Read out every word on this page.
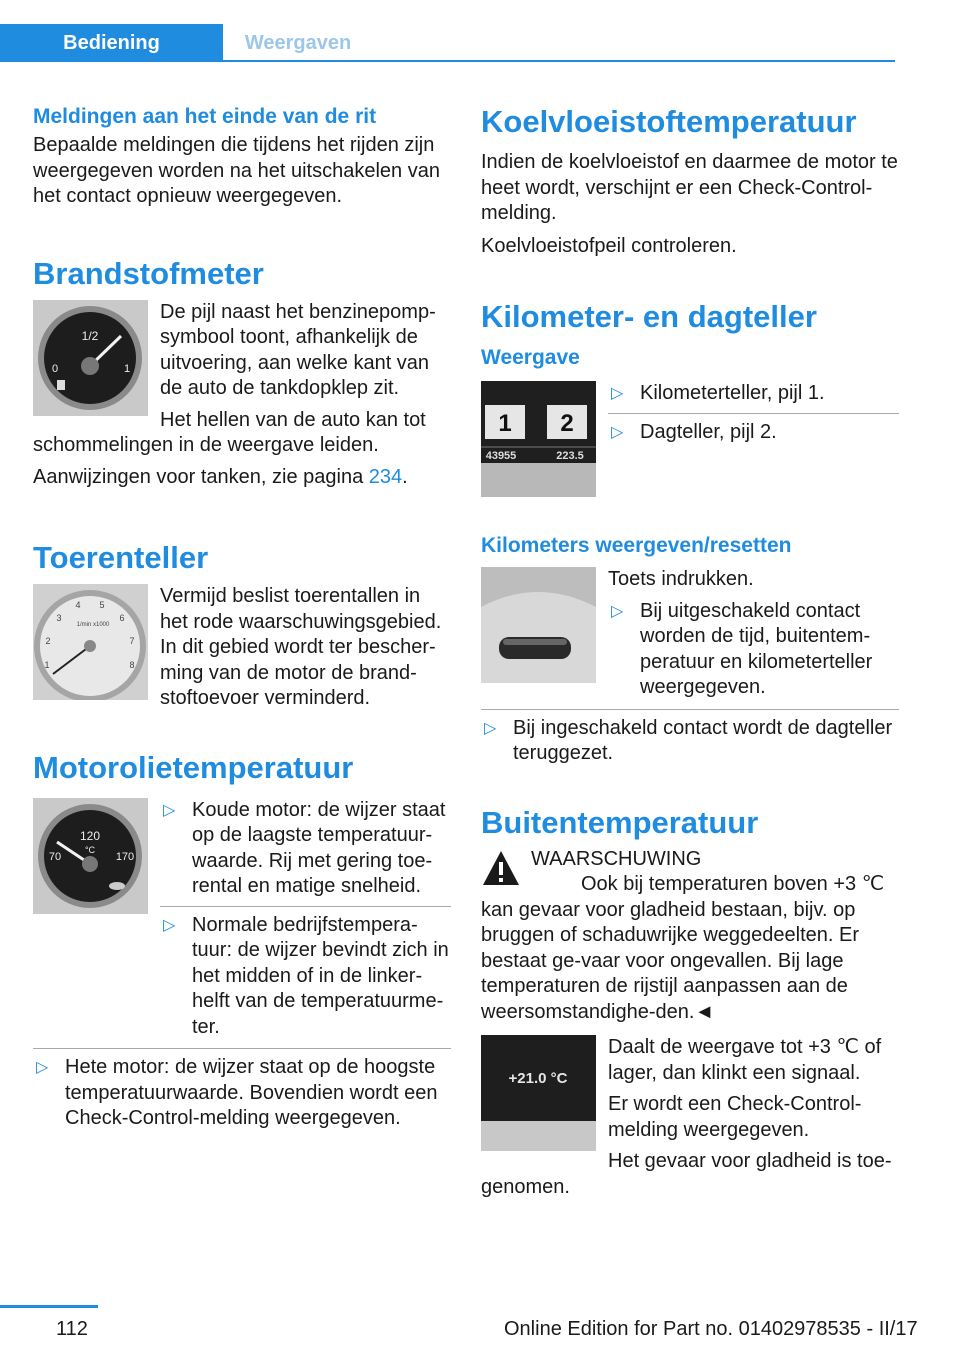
Bediening	Weergaven
Meldingen aan het einde van de rit

Bepaalde meldingen die tijdens het rijden zijn weergegeven worden na het uitschakelen van het contact opnieuw weergegeven.

Brandstofmeter
1/2
0	1

De pijl naast het benzinepomp-symbool toont, afhankelijk de uitvoering, aan welke kant van de auto de tankdopklep zit.

Het hellen van de auto kan tot schommelingen in de weergave leiden.

Aanwijzingen voor tanken, zie pagina 234.

Toerenteller
1
2
3
4 5
6
7
8
1/min x1000

Vermijd beslist toerentallen in het rode waarschuwingsgebied. In dit gebied wordt ter bescher-ming van de motor de brand-stoftoevoer verminderd.

Motorolietemperatuur
120
°C
70	170
▷ Koude motor: de wijzer staat op de laagste temperatuur-waarde. Rij met gering toe-rental en matige snelheid.
▷ Normale bedrijfstempera-tuur: de wijzer bevindt zich in het midden of in de linker-helft van de temperatuurme-ter.
▷ Hete motor: de wijzer staat op de hoogste temperatuurwaarde. Bovendien wordt een Check-Control-melding weergegeven.
Koelvloeistoftemperatuur

Indien de koelvloeistof en daarmee de motor te heet wordt, verschijnt er een Check-Control-melding.

Koelvloeistofpeil controleren.

Kilometer- en dagteller
Weergave
1 2
43955	223.5
▷ Kilometerteller, pijl 1.
▷ Dagteller, pijl 2.
Kilometers weergeven/resetten

Toets indrukken.

▷ Bij uitgeschakeld contact worden de tijd, buitentem-peratuur en kilometerteller weergegeven.
▷ Bij ingeschakeld contact wordt de dagteller teruggezet.
Buitentemperatuur

WAARSCHUWING

Ook bij temperaturen boven +3 ℃ kan gevaar voor gladheid bestaan, bijv. op bruggen of schaduwrijke weggedeelten. Er bestaat ge-vaar voor ongevallen. Bij lage temperaturen de rijstijl aanpassen aan de weersomstandighe-den.◄

+21.0 °C

Daalt de weergave tot +3 ℃ of lager, dan klinkt een signaal.

Er wordt een Check-Control-melding weergegeven.

Het gevaar voor gladheid is toe-genomen.

112	Online Edition for Part no. 01402978535 - II/17
